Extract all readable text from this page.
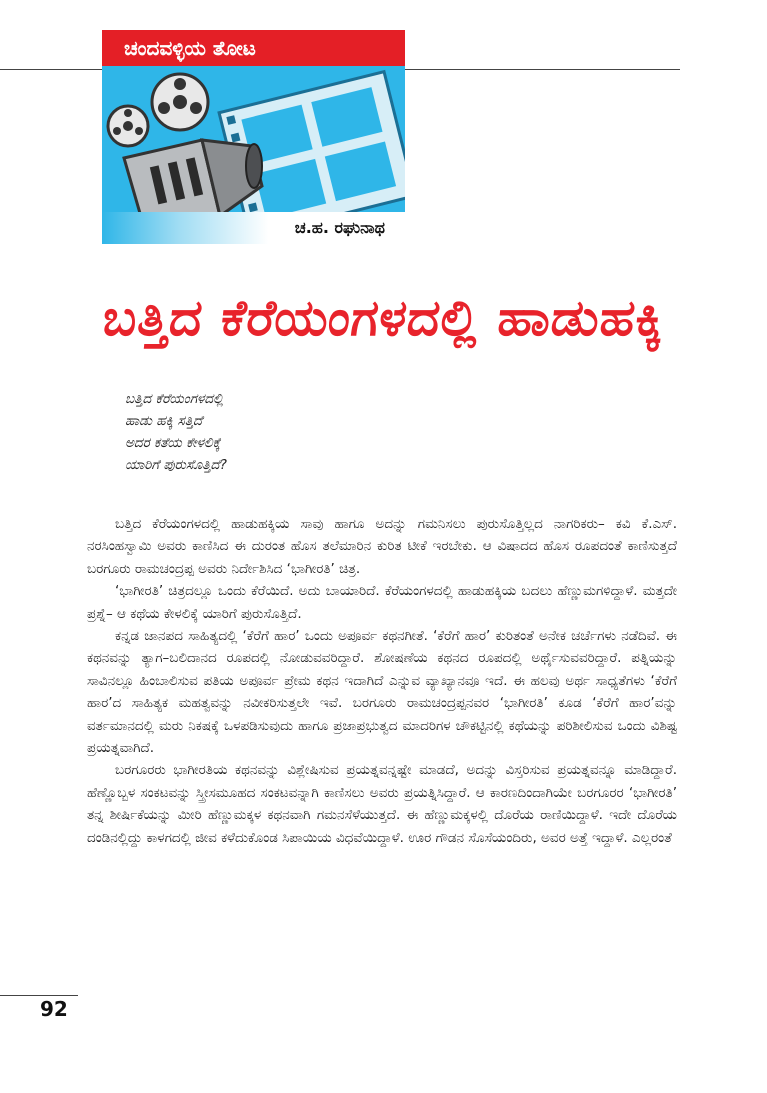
ಚಂದವಳ್ಳಿಯ ತೋಟ
ಚ.ಹ. ರಘುನಾಥ
ಬತ್ತಿದ ಕೆರೆಯಂಗಳದಲ್ಲಿ ಹಾಡುಹಕ್ಕಿ
ಬತ್ತಿದ ಕೆರೆಯಂಗಳದಲ್ಲಿ
ಹಾಡು ಹಕ್ಕಿ ಸತ್ತಿದೆ
ಅದರ ಕತೆಯ ಕೇಳಲಿಕ್ಕೆ
ಯಾರಿಗೆ ಪುರುಸೊತ್ತಿದೆ?

ಬತ್ತಿದ ಕೆರೆಯಂಗಳದಲ್ಲಿ ಹಾಡುಹಕ್ಕಿಯ ಸಾವು ಹಾಗೂ ಅದನ್ನು ಗಮನಿಸಲು ಪುರುಸೊತ್ತಿಲ್ಲದ ನಾಗರಿಕರು– ಕವಿ ಕೆ.ಎಸ್. ನರಸಿಂಹಸ್ವಾಮಿ ಅವರು ಕಾಣಿಸಿದ ಈ ದುರಂತ ಹೊಸ ತಲೆಮಾರಿನ ಕುರಿತ ಟೀಕೆ ಇರಬೇಕು. ಆ ವಿಷಾದದ ಹೊಸ ರೂಪದಂತೆ ಕಾಣಿಸುತ್ತದೆ ಬರಗೂರು ರಾಮಚಂದ್ರಪ್ಪ ಅವರು ನಿರ್ದೇಶಿಸಿದ ‘ಭಾಗೀರತಿ’ ಚಿತ್ರ.

‘ಭಾಗೀರತಿ’ ಚಿತ್ರದಲ್ಲೂ ಒಂದು ಕೆರೆಯಿದೆ. ಅದು ಬಾಯಾರಿದೆ. ಕೆರೆಯಂಗಳದಲ್ಲಿ ಹಾಡುಹಕ್ಕಿಯ ಬದಲು ಹೆಣ್ಣುಮಗಳಿದ್ದಾಳೆ. ಮತ್ತದೇ ಪ್ರಶ್ನೆ– ಆ ಕಥೆಯ ಕೇಳಲಿಕ್ಕೆ ಯಾರಿಗೆ ಪುರುಸೊತ್ತಿದೆ.

ಕನ್ನಡ ಜಾನಪದ ಸಾಹಿತ್ಯದಲ್ಲಿ ‘ಕೆರೆಗೆ ಹಾರ’ ಒಂದು ಅಪೂರ್ವ ಕಥನಗೀತೆ. ‘ಕೆರೆಗೆ ಹಾರ’ ಕುರಿತಂತೆ ಅನೇಕ ಚರ್ಚೆಗಳು ನಡೆದಿವೆ. ಈ ಕಥನವನ್ನು ತ್ಯಾಗ–ಬಲಿದಾನದ ರೂಪದಲ್ಲಿ ನೋಡುವವರಿದ್ದಾರೆ. ಶೋಷಣೆಯ ಕಥನದ ರೂಪದಲ್ಲಿ ಅರ್ಥೈಸುವವರಿದ್ದಾರೆ. ಪತ್ನಿಯನ್ನು ಸಾವಿನಲ್ಲೂ ಹಿಂಬಾಲಿಸುವ ಪತಿಯ ಅಪೂರ್ವ ಪ್ರೇಮ ಕಥನ ಇದಾಗಿದೆ ಎನ್ನುವ ವ್ಯಾಖ್ಯಾನವೂ ಇದೆ. ಈ ಹಲವು ಅರ್ಥ ಸಾಧ್ಯತೆಗಳು ‘ಕೆರೆಗೆ ಹಾರ’ದ ಸಾಹಿತ್ಯಕ ಮಹತ್ವವನ್ನು ನವೀಕರಿಸುತ್ತಲೇ ಇವೆ. ಬರಗೂರು ರಾಮಚಂದ್ರಪ್ಪನವರ ‘ಭಾಗೀರತಿ’ ಕೂಡ ‘ಕೆರೆಗೆ ಹಾರ’ವನ್ನು ವರ್ತಮಾನದಲ್ಲಿ ಮರು ನಿಕಷಕ್ಕೆ ಒಳಪಡಿಸುವುದು ಹಾಗೂ ಪ್ರಜಾಪ್ರಭುತ್ವದ ಮಾದರಿಗಳ ಚೌಕಟ್ಟಿನಲ್ಲಿ ಕಥೆಯನ್ನು ಪರಿಶೀಲಿಸುವ ಒಂದು ವಿಶಿಷ್ಟ ಪ್ರಯತ್ನವಾಗಿದೆ.

ಬರಗೂರರು ಭಾಗೀರತಿಯ ಕಥನವನ್ನು ವಿಶ್ಲೇಷಿಸುವ ಪ್ರಯತ್ನವನ್ನಷ್ಟೇ ಮಾಡದೆ, ಅದನ್ನು ವಿಸ್ತರಿಸುವ ಪ್ರಯತ್ನವನ್ನೂ ಮಾಡಿದ್ದಾರೆ. ಹೆಣ್ಣೊಬ್ಬಳ ಸಂಕಟವನ್ನು ಸ್ತ್ರೀಸಮೂಹದ ಸಂಕಟವನ್ನಾಗಿ ಕಾಣಿಸಲು ಅವರು ಪ್ರಯತ್ನಿಸಿದ್ದಾರೆ. ಆ ಕಾರಣದಿಂದಾಗಿಯೇ ಬರಗೂರರ ‘ಭಾಗೀರತಿ’ ತನ್ನ ಶೀರ್ಷಿಕೆಯನ್ನು ಮೀರಿ ಹೆಣ್ಣುಮಕ್ಕಳ ಕಥನವಾಗಿ ಗಮನಸೆಳೆಯುತ್ತದೆ. ಈ ಹೆಣ್ಣುಮಕ್ಕಳಲ್ಲಿ ದೊರೆಯ ರಾಣಿಯಿದ್ದಾಳೆ. ಇದೇ ದೊರೆಯ ದಂಡಿನಲ್ಲಿದ್ದು ಕಾಳಗದಲ್ಲಿ ಜೀವ ಕಳೆದುಕೊಂಡ ಸಿಪಾಯಿಯ ವಿಧವೆಯಿದ್ದಾಳೆ. ಊರ ಗೌಡನ ಸೊಸೆಯಂದಿರು, ಅವರ ಅತ್ತೆ ಇದ್ದಾಳೆ. ಎಲ್ಲರಂತೆ

92
